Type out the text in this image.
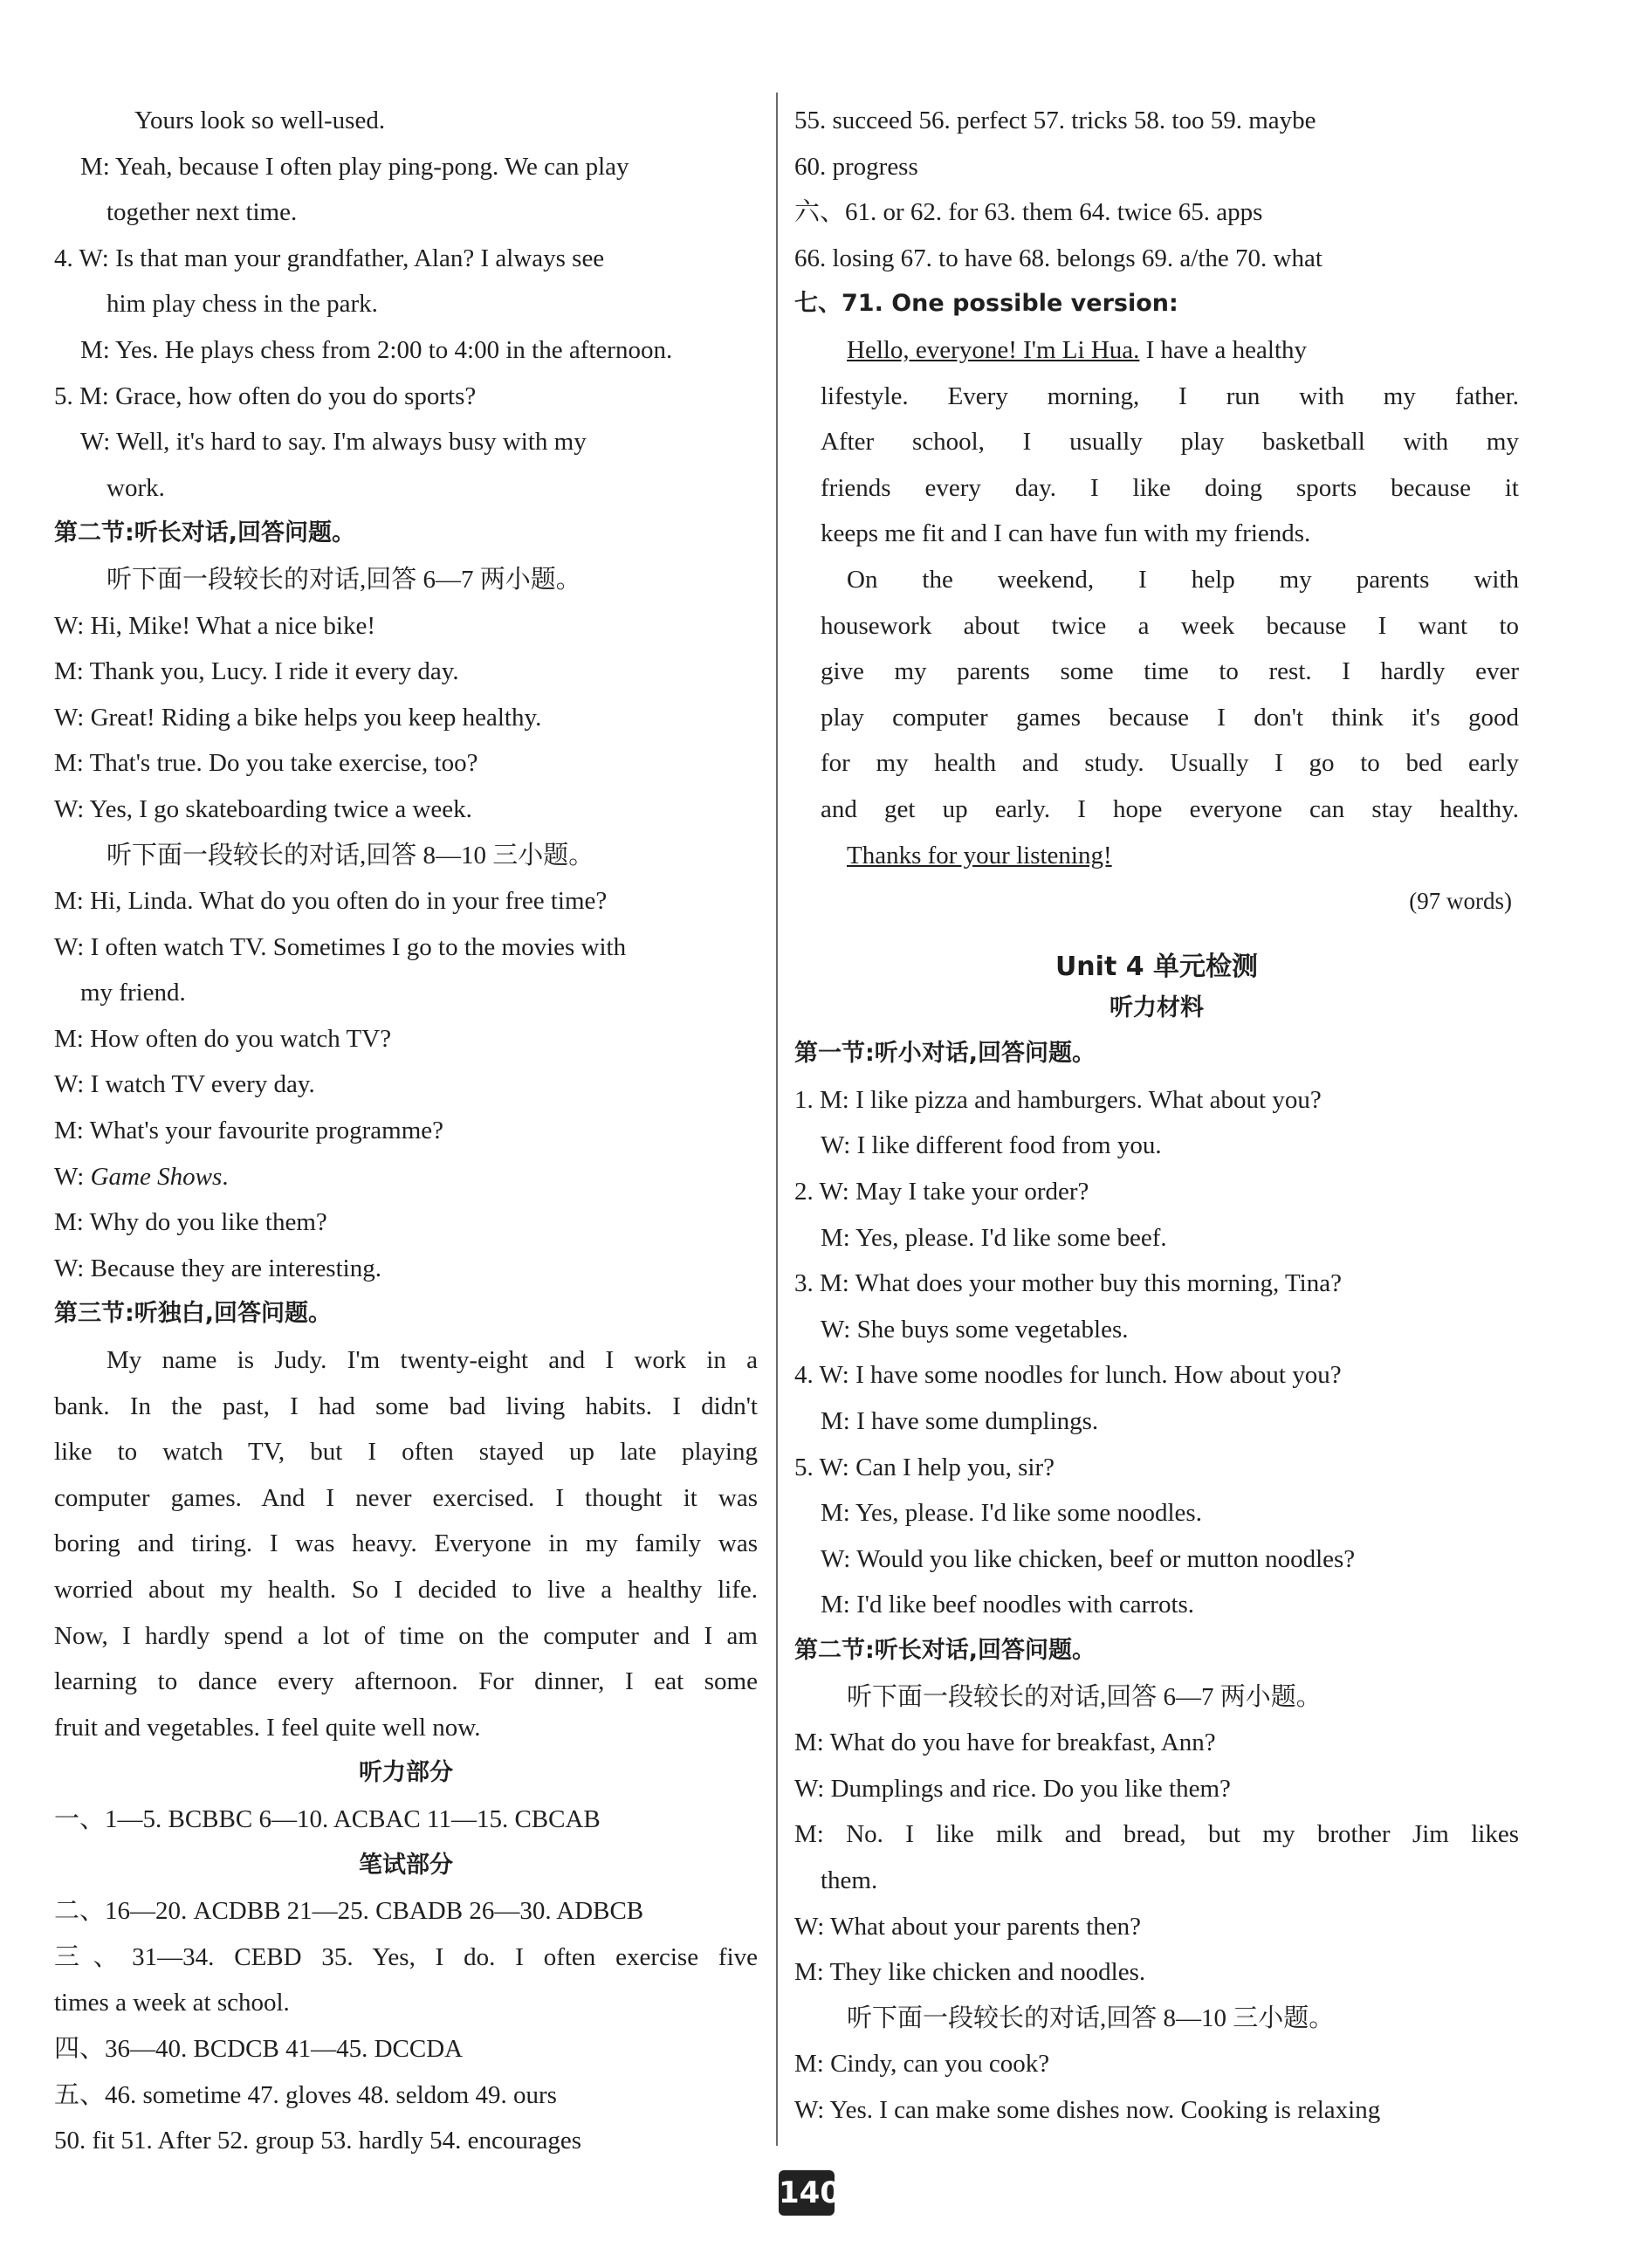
Yours look so well-used.
M: Yeah, because I often play ping-pong. We can play
together next time.
4. W: Is that man your grandfather, Alan? I always see
him play chess in the park.
M: Yes. He plays chess from 2:00 to 4:00 in the afternoon.
5. M: Grace, how often do you do sports?
W: Well, it's hard to say. I'm always busy with my
work.
第二节:听长对话,回答问题。
听下面一段较长的对话,回答 6—7 两小题。
W: Hi, Mike! What a nice bike!
M: Thank you, Lucy. I ride it every day.
W: Great! Riding a bike helps you keep healthy.
M: That's true. Do you take exercise, too?
W: Yes, I go skateboarding twice a week.
听下面一段较长的对话,回答 8—10 三小题。
M: Hi, Linda. What do you often do in your free time?
W: I often watch TV. Sometimes I go to the movies with
my friend.
M: How often do you watch TV?
W: I watch TV every day.
M: What's your favourite programme?
W: Game Shows.
M: Why do you like them?
W: Because they are interesting.
第三节:听独白,回答问题。
My name is Judy. I'm twenty-eight and I work in a
bank. In the past, I had some bad living habits. I didn't
like to watch TV, but I often stayed up late playing
computer games. And I never exercised. I thought it was
boring and tiring. I was heavy. Everyone in my family was
worried about my health. So I decided to live a healthy life.
Now, I hardly spend a lot of time on the computer and I am
learning to dance every afternoon. For dinner, I eat some
fruit and vegetables. I feel quite well now.
听力部分
一、1—5. BCBBC 6—10. ACBAC 11—15. CBCAB
笔试部分
二、16—20. ACDBB 21—25. CBADB 26—30. ADBCB
三、31—34. CEBD 35. Yes, I do. I often exercise five
times a week at school.
四、36—40. BCDCB 41—45. DCCDA
五、46. sometime 47. gloves 48. seldom 49. ours
50. fit 51. After 52. group 53. hardly 54. encourages
55. succeed 56. perfect 57. tricks 58. too 59. maybe
60. progress
六、61. or 62. for 63. them 64. twice 65. apps
66. losing 67. to have 68. belongs 69. a/the 70. what
七、71. One possible version:
Hello, everyone! I'm Li Hua. I have a healthy
lifestyle. Every morning, I run with my father.
After school, I usually play basketball with my
friends every day. I like doing sports because it
keeps me fit and I can have fun with my friends.
On the weekend, I help my parents with
housework about twice a week because I want to
give my parents some time to rest. I hardly ever
play computer games because I don't think it's good
for my health and study. Usually I go to bed early
and get up early. I hope everyone can stay healthy.
Thanks for your listening!
(97 words)
Unit 4 单元检测
听力材料
第一节:听小对话,回答问题。
1. M: I like pizza and hamburgers. What about you?
W: I like different food from you.
2. W: May I take your order?
M: Yes, please. I'd like some beef.
3. M: What does your mother buy this morning, Tina?
W: She buys some vegetables.
4. W: I have some noodles for lunch. How about you?
M: I have some dumplings.
5. W: Can I help you, sir?
M: Yes, please. I'd like some noodles.
W: Would you like chicken, beef or mutton noodles?
M: I'd like beef noodles with carrots.
第二节:听长对话,回答问题。
听下面一段较长的对话,回答 6—7 两小题。
M: What do you have for breakfast, Ann?
W: Dumplings and rice. Do you like them?
M: No. I like milk and bread, but my brother Jim likes
them.
W: What about your parents then?
M: They like chicken and noodles.
听下面一段较长的对话,回答 8—10 三小题。
M: Cindy, can you cook?
W: Yes. I can make some dishes now. Cooking is relaxing
140
